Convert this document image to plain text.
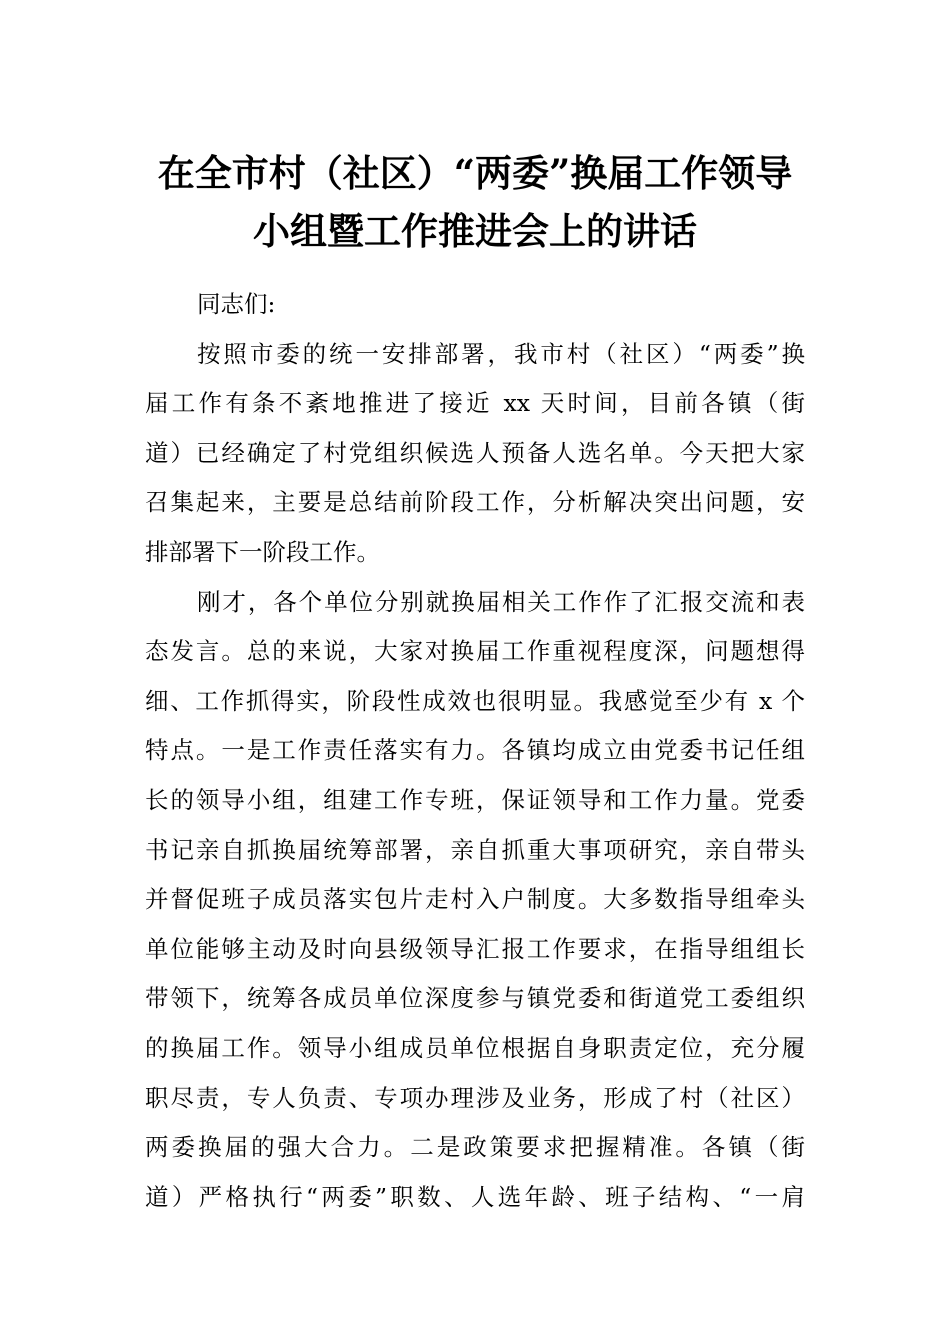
在全市村（社区）“两委”换届工作领导
小组暨工作推进会上的讲话
同志们:
按照市委的统一安排部署，我市村（社区）“两委”换
届工作有条不紊地推进了接近 xx 天时间，目前各镇（街
道）已经确定了村党组织候选人预备人选名单。今天把大家
召集起来，主要是总结前阶段工作，分析解决突出问题，安
排部署下一阶段工作。
刚才，各个单位分别就换届相关工作作了汇报交流和表
态发言。总的来说，大家对换届工作重视程度深，问题想得
细、工作抓得实，阶段性成效也很明显。我感觉至少有 x 个
特点。一是工作责任落实有力。各镇均成立由党委书记任组
长的领导小组，组建工作专班，保证领导和工作力量。党委
书记亲自抓换届统筹部署，亲自抓重大事项研究，亲自带头
并督促班子成员落实包片走村入户制度。大多数指导组牵头
单位能够主动及时向县级领导汇报工作要求，在指导组组长
带领下，统筹各成员单位深度参与镇党委和街道党工委组织
的换届工作。领导小组成员单位根据自身职责定位，充分履
职尽责，专人负责、专项办理涉及业务，形成了村（社区）
两委换届的强大合力。二是政策要求把握精准。各镇（街
道）严格执行“两委”职数、人选年龄、班子结构、“一肩
